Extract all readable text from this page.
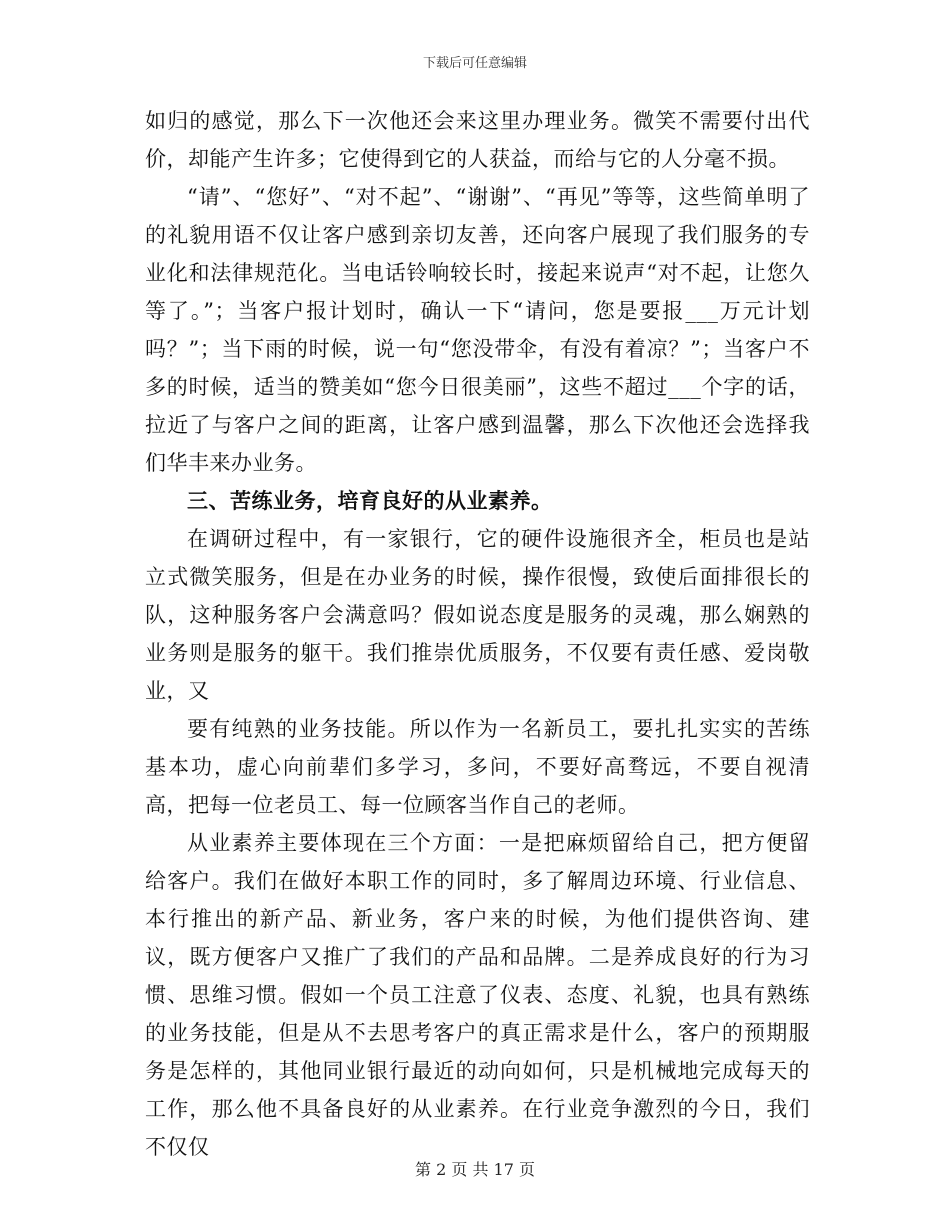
下载后可任意编辑

如归的感觉，那么下一次他还会来这里办理业务。微笑不需要付出代价，却能产生许多；它使得到它的人获益，而给与它的人分毫不损。

“请”、“您好”、“对不起”、“谢谢”、“再见”等等，这些简单明了的礼貌用语不仅让客户感到亲切友善，还向客户展现了我们服务的专业化和法律规范化。当电话铃响较长时，接起来说声“对不起，让您久等了。”；当客户报计划时，确认一下“请问，您是要报___万元计划吗？”；当下雨的时候，说一句“您没带伞，有没有着凉？”；当客户不多的时候，适当的赞美如“您今日很美丽”，这些不超过___个字的话，拉近了与客户之间的距离，让客户感到温馨，那么下次他还会选择我们华丰来办业务。

三、苦练业务，培育良好的从业素养。

在调研过程中，有一家银行，它的硬件设施很齐全，柜员也是站立式微笑服务，但是在办业务的时候，操作很慢，致使后面排很长的队，这种服务客户会满意吗？假如说态度是服务的灵魂，那么娴熟的业务则是服务的躯干。我们推崇优质服务，不仅要有责任感、爱岗敬业，又

要有纯熟的业务技能。所以作为一名新员工，要扎扎实实的苦练基本功，虚心向前辈们多学习，多问，不要好高骛远，不要自视清高，把每一位老员工、每一位顾客当作自己的老师。

从业素养主要体现在三个方面：一是把麻烦留给自己，把方便留给客户。我们在做好本职工作的同时，多了解周边环境、行业信息、本行推出的新产品、新业务，客户来的时候，为他们提供咨询、建议，既方便客户又推广了我们的产品和品牌。二是养成良好的行为习惯、思维习惯。假如一个员工注意了仪表、态度、礼貌，也具有熟练的业务技能，但是从不去思考客户的真正需求是什么，客户的预期服务是怎样的，其他同业银行最近的动向如何，只是机械地完成每天的工作，那么他不具备良好的从业素养。在行业竞争激烈的今日，我们不仅仅

第 2 页 共 17 页
